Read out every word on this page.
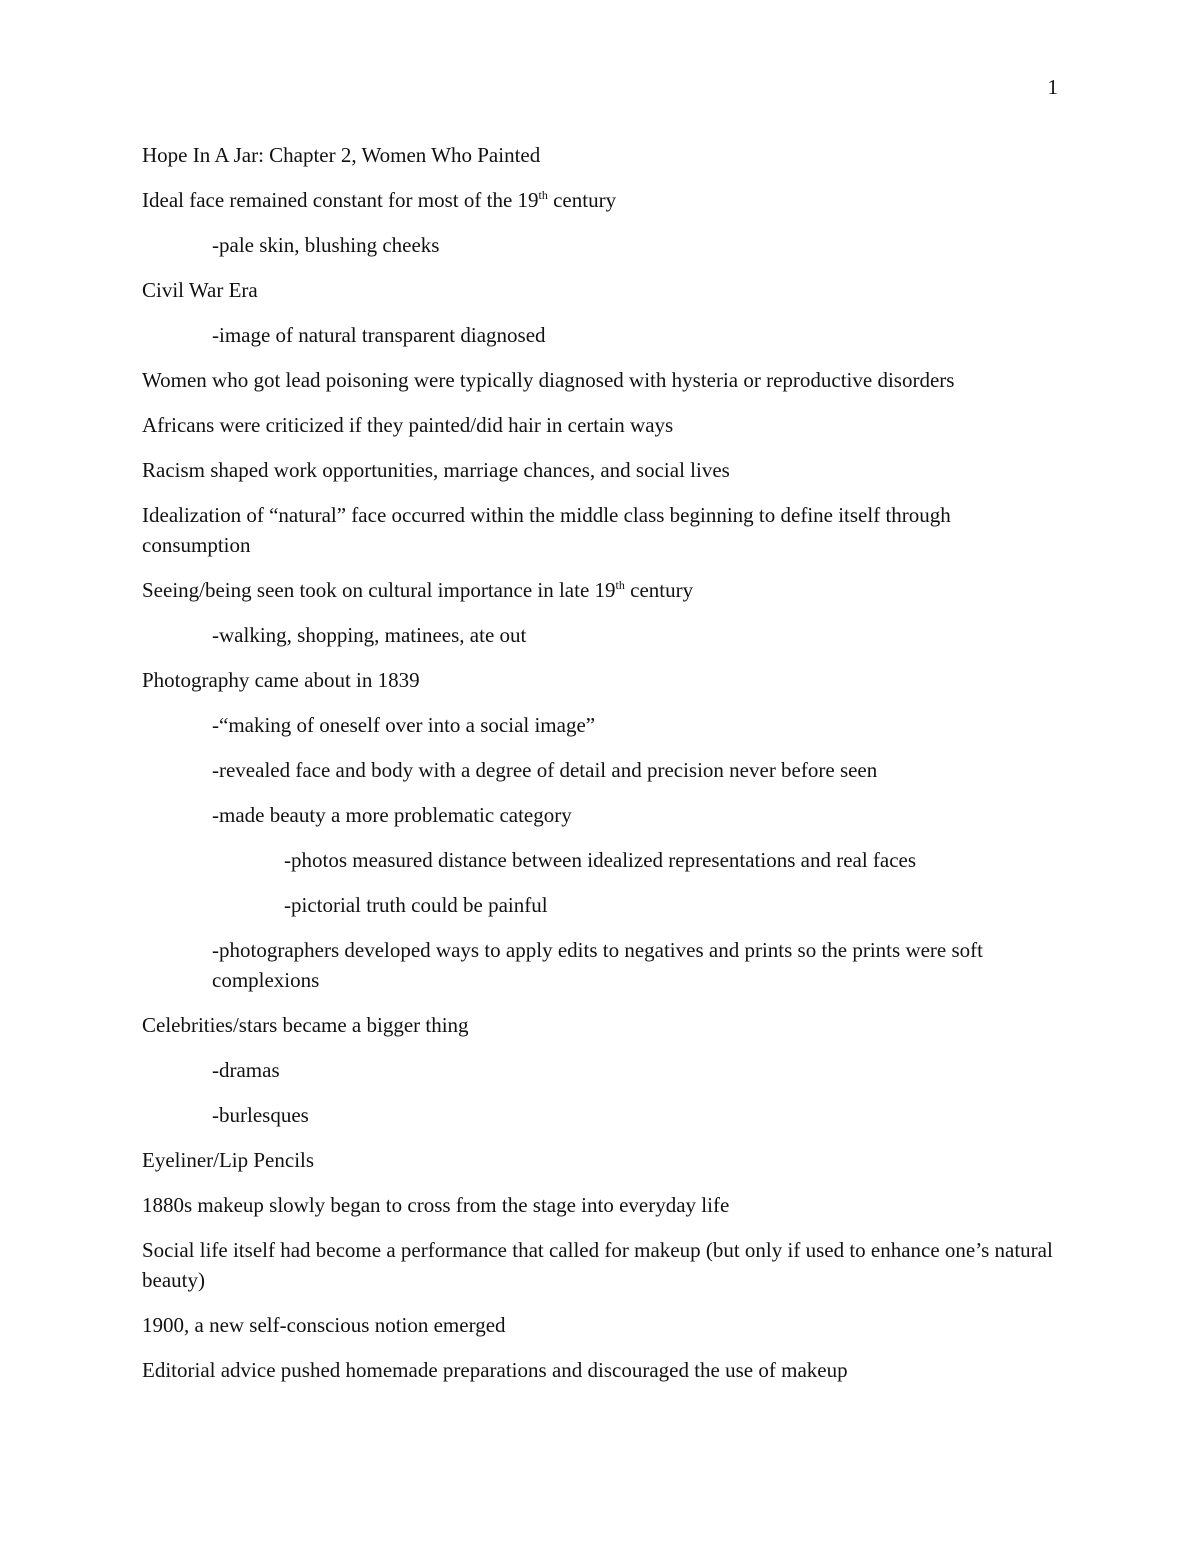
1
Hope In A Jar: Chapter 2, Women Who Painted
Ideal face remained constant for most of the 19th century
-pale skin, blushing cheeks
Civil War Era
-image of natural transparent diagnosed
Women who got lead poisoning were typically diagnosed with hysteria or reproductive disorders
Africans were criticized if they painted/did hair in certain ways
Racism shaped work opportunities, marriage chances, and social lives
Idealization of “natural” face occurred within the middle class beginning to define itself through consumption
Seeing/being seen took on cultural importance in late 19th century
-walking, shopping, matinees, ate out
Photography came about in 1839
-“making of oneself over into a social image”
-revealed face and body with a degree of detail and precision never before seen
-made beauty a more problematic category
-photos measured distance between idealized representations and real faces
-pictorial truth could be painful
-photographers developed ways to apply edits to negatives and prints so the prints were soft complexions
Celebrities/stars became a bigger thing
-dramas
-burlesques
Eyeliner/Lip Pencils
1880s makeup slowly began to cross from the stage into everyday life
Social life itself had become a performance that called for makeup (but only if used to enhance one’s natural beauty)
1900, a new self-conscious notion emerged
Editorial advice pushed homemade preparations and discouraged the use of makeup
